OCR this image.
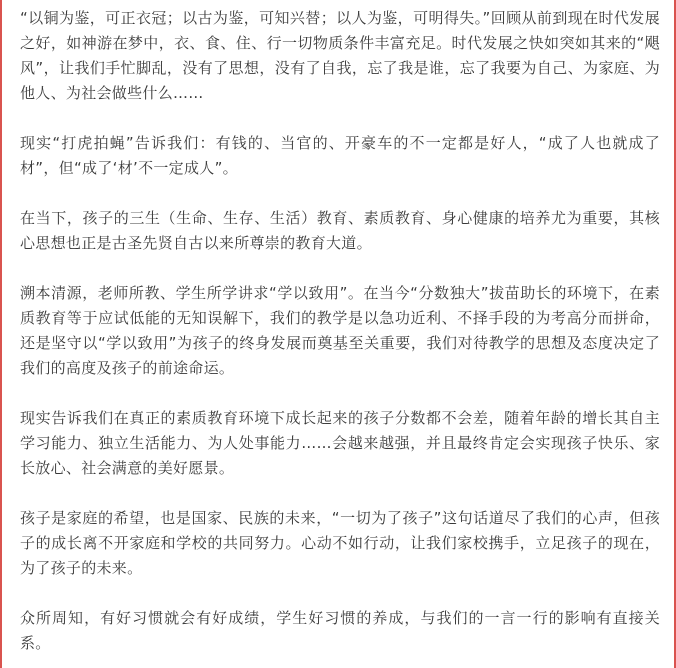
“以铜为鉴，可正衣冠；以古为鉴，可知兴替；以人为鉴，可明得失。”回顾从前到现在时代发展之好，如神游在梦中，衣、食、住、行一切物质条件丰富充足。时代发展之快如突如其来的“飓风”，让我们手忙脚乱，没有了思想，没有了自我，忘了我是谁，忘了我要为自己、为家庭、为他人、为社会做些什么……

现实“打虎拍蝇”告诉我们：有钱的、当官的、开豪车的不一定都是好人，“成了人也就成了材”，但“成了‘材’不一定成人”。

在当下，孩子的三生（生命、生存、生活）教育、素质教育、身心健康的培养尤为重要，其核心思想也正是古圣先贤自古以来所尊崇的教育大道。

溯本清源，老师所教、学生所学讲求“学以致用”。在当今“分数独大”拔苗助长的环境下，在素质教育等于应试低能的无知误解下，我们的教学是以急功近利、不择手段的为考高分而拼命，还是坚守以“学以致用”为孩子的终身发展而奠基至关重要，我们对待教学的思想及态度决定了我们的高度及孩子的前途命运。

现实告诉我们在真正的素质教育环境下成长起来的孩子分数都不会差，随着年龄的增长其自主学习能力、独立生活能力、为人处事能力……会越来越强，并且最终肯定会实现孩子快乐、家长放心、社会满意的美好愿景。

孩子是家庭的希望，也是国家、民族的未来，“一切为了孩子”这句话道尽了我们的心声，但孩子的成长离不开家庭和学校的共同努力。心动不如行动，让我们家校携手，立足孩子的现在，为了孩子的未来。

众所周知，有好习惯就会有好成绩，学生好习惯的养成，与我们的一言一行的影响有直接关系。
